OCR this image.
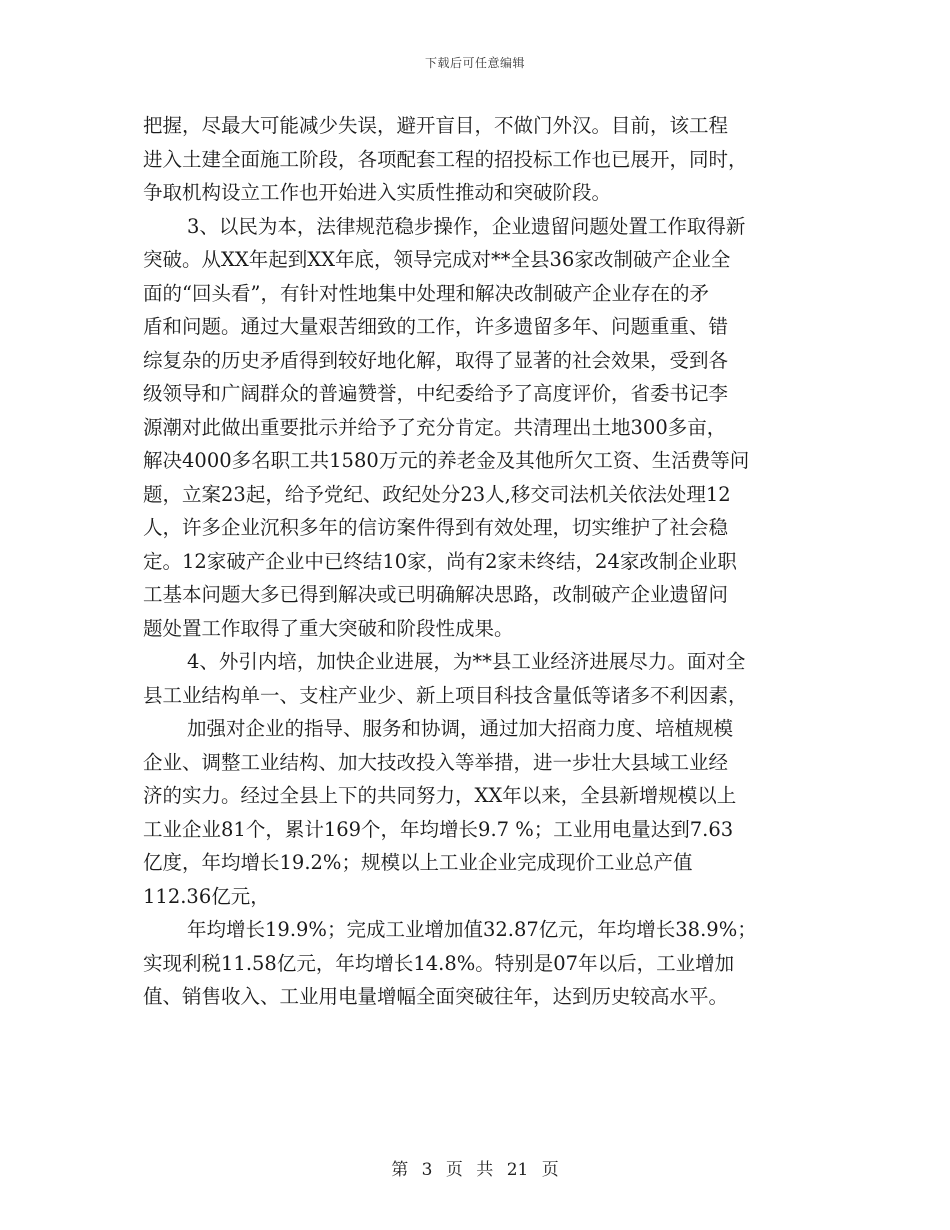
下载后可任意编辑

把握，尽最大可能减少失误，避开盲目，不做门外汉。目前，该工程
进入土建全面施工阶段，各项配套工程的招投标工作也已展开，同时，
争取机构设立工作也开始进入实质性推动和突破阶段。

3、以民为本，法律规范稳步操作，企业遗留问题处置工作取得新
突破。从XX年起到XX年底，领导完成对**全县36家改制破产企业全
面的“回头看”，有针对性地集中处理和解决改制破产企业存在的矛
盾和问题。通过大量艰苦细致的工作，许多遗留多年、问题重重、错
综复杂的历史矛盾得到较好地化解，取得了显著的社会效果，受到各
级领导和广阔群众的普遍赞誉，中纪委给予了高度评价，省委书记李
源潮对此做出重要批示并给予了充分肯定。共清理出土地300多亩，
解决4000多名职工共1580万元的养老金及其他所欠工资、生活费等问
题，立案23起，给予党纪、政纪处分23人,移交司法机关依法处理12
人，许多企业沉积多年的信访案件得到有效处理，切实维护了社会稳
定。12家破产企业中已终结10家，尚有2家未终结，24家改制企业职
工基本问题大多已得到解决或已明确解决思路，改制破产企业遗留问
题处置工作取得了重大突破和阶段性成果。

4、外引内培，加快企业进展，为**县工业经济进展尽力。面对全
县工业结构单一、支柱产业少、新上项目科技含量低等诸多不利因素，

加强对企业的指导、服务和协调，通过加大招商力度、培植规模
企业、调整工业结构、加大技改投入等举措，进一步壮大县域工业经
济的实力。经过全县上下的共同努力，XX年以来，全县新增规模以上
工业企业81个，累计169个，年均增长9.7 %；工业用电量达到7.63
亿度，年均增长19.2%；规模以上工业企业完成现价工业总产值
112.36亿元，

年均增长19.9%；完成工业增加值32.87亿元，年均增长38.9%；
实现利税11.58亿元，年均增长14.8%。特别是07年以后，工业增加
值、销售收入、工业用电量增幅全面突破往年，达到历史较高水平。

第 3 页 共 21 页
